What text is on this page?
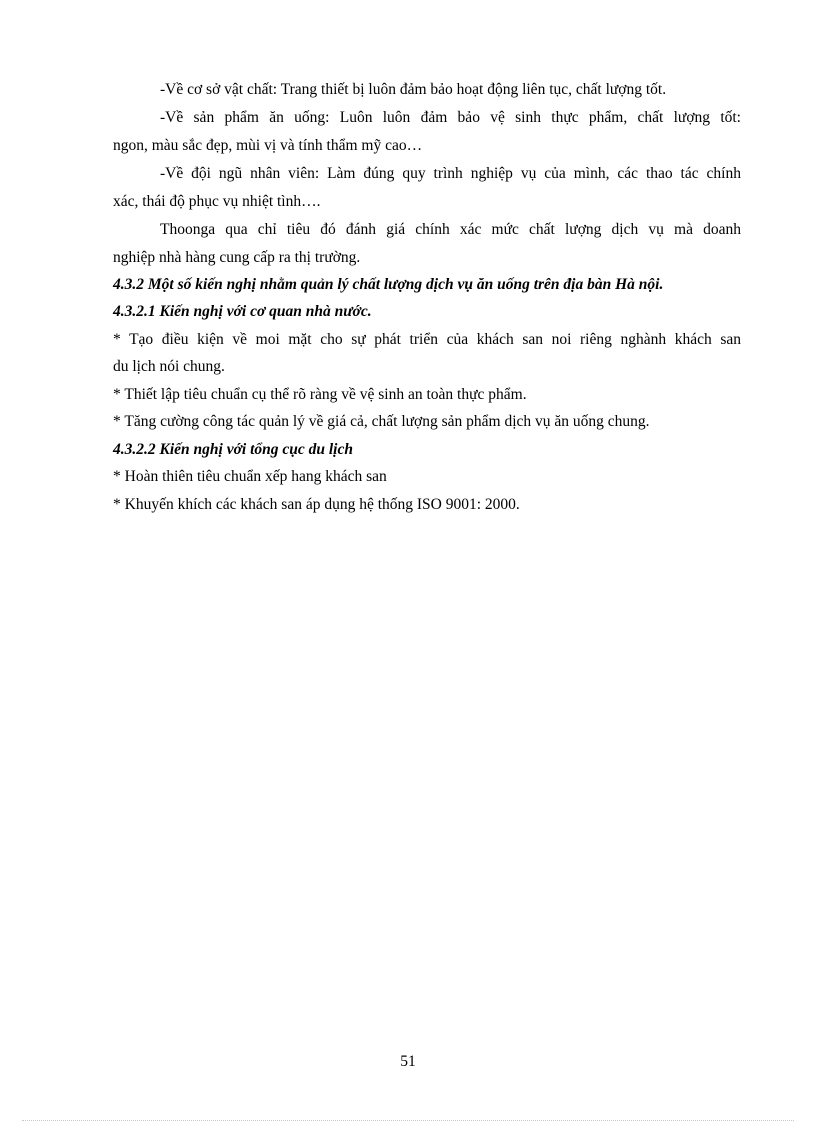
-Về cơ sở vật chất: Trang thiết bị luôn đảm bảo hoạt động liên tục, chất lượng tốt.
-Về sản phẩm ăn uống: Luôn luôn đảm bảo vệ sinh thực phẩm, chất lượng tốt:
ngon, màu sắc đẹp, mùi vị và tính thẩm mỹ cao…
-Về đội ngũ nhân viên: Làm đúng quy trình nghiệp vụ của mình, các thao tác chính
xác, thái độ phục vụ nhiệt tình….
Thoonga qua chỉ tiêu đó đánh giá chính xác mức chất lượng dịch vụ mà doanh
nghiệp nhà hàng cung cấp ra thị trường.
4.3.2 Một số kiến nghị nhằm quản lý chất lượng dịch vụ ăn uống trên địa bàn Hà nội.
4.3.2.1 Kiến nghị với cơ quan nhà nước.
* Tạo điều kiện về moi mặt cho sự phát triển của khách san noi riêng nghành khách san
du lịch nói chung.
* Thiết lập tiêu chuẩn cụ thể rõ ràng về vệ sinh an toàn thực phẩm.
* Tăng cường công tác quản lý về giá cả, chất lượng sản phẩm dịch vụ ăn uống chung.
4.3.2.2 Kiến nghị với tổng cục du lịch
* Hoàn thiên tiêu chuẩn xếp hang khách san
* Khuyến khích các khách san áp dụng hệ thống ISO 9001: 2000.
51
